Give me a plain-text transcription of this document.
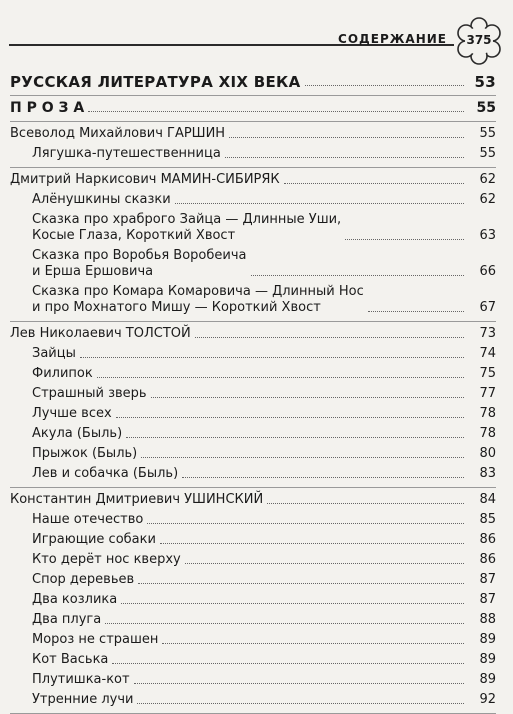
СОДЕРЖАНИЕ	375
РУССКАЯ ЛИТЕРАТУРА XIX ВЕКА	53
П Р О З А	55
Всеволод Михайлович ГАРШИН	55
Лягушка-путешественница	55
Дмитрий Наркисович МАМИН-СИБИРЯК	62
Алёнушкины сказки	62
Сказка про храброго Зайца — Длинные Уши,
Косые Глаза, Короткий Хвост	63
Сказка про Воробья Воробеича
и Ерша Ершовича	66
Сказка про Комара Комаровича — Длинный Нос
и про Мохнатого Мишу — Короткий Хвост	67
Лев Николаевич ТОЛСТОЙ	73
Зайцы	74
Филипок	75
Страшный зверь	77
Лучше всех	78
Акула (Быль)	78
Прыжок (Быль)	80
Лев и собачка (Быль)	83
Константин Дмитриевич УШИНСКИЙ	84
Наше отечество	85
Играющие собаки	86
Кто дерёт нос кверху	86
Спор деревьев	87
Два козлика	87
Два плуга	88
Мороз не страшен	89
Кот Васька	89
Плутишка-кот	89
Утренние лучи	92
